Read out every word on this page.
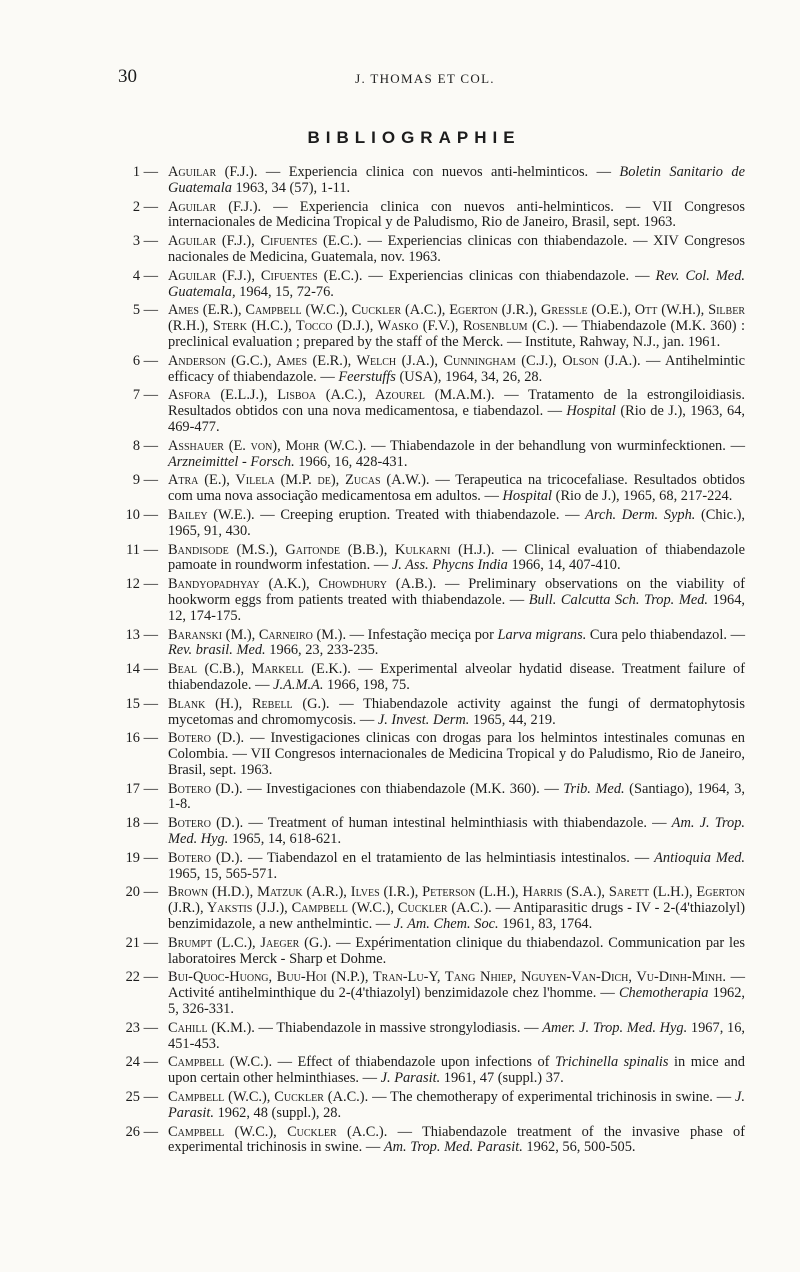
30	J. THOMAS ET COL.
BIBLIOGRAPHIE
1 — Aguilar (F.J.). — Experiencia clinica con nuevos anti-helminticos. — Boletin Sanitario de Guatemala 1963, 34 (57), 1-11.
2 — Aguilar (F.J.). — Experiencia clinica con nuevos anti-helminticos. — VII Congresos internacionales de Medicina Tropical y de Paludismo, Rio de Janeiro, Brasil, sept. 1963.
3 — Aguilar (F.J.), Cifuentes (E.C.). — Experiencias clinicas con thiabendazole. — XIV Congresos nacionales de Medicina, Guatemala, nov. 1963.
4 — Aguilar (F.J.), Cifuentes (E.C.). — Experiencias clinicas con thiabendazole. — Rev. Col. Med. Guatemala, 1964, 15, 72-76.
5 — Ames (E.R.), Campbell (W.C.), Cuckler (A.C.), Egerton (J.R.), Gressle (O.E.), Ott (W.H.), Silber (R.H.), Sterk (H.C.), Tocco (D.J.), Wasko (F.V.), Rosenblum (C.). — Thiabendazole (M.K. 360) : preclinical evaluation ; prepared by the staff of the Merck. — Institute, Rahway, N.J., jan. 1961.
6 — Anderson (G.C.), Ames (E.R.), Welch (J.A.), Cunningham (C.J.), Olson (J.A.). — Antihelmintic efficacy of thiabendazole. — Feerstuffs (USA), 1964, 34, 26, 28.
7 — Asfora (E.L.J.), Lisboa (A.C.), Azourel (M.A.M.). — Tratamento de la estrongiloidiasis. Resultados obtidos con una nova medicamentosa, e tiabendazol. — Hospital (Rio de J.), 1963, 64, 469-477.
8 — Asshauer (E. von), Mohr (W.C.). — Thiabendazole in der behandlung von wurminfecktionen. — Arzneimittel - Forsch. 1966, 16, 428-431.
9 — Atra (E.), Vilela (M.P. de), Zucas (A.W.). — Terapeutica na tricocefaliase. Resultados obtidos com uma nova associação medicamentosa em adultos. — Hospital (Rio de J.), 1965, 68, 217-224.
10 — Bailey (W.E.). — Creeping eruption. Treated with thiabendazole. — Arch. Derm. Syph. (Chic.), 1965, 91, 430.
11 — Bandisode (M.S.), Gaitonde (B.B.), Kulkarni (H.J.). — Clinical evaluation of thiabendazole pamoate in roundworm infestation. — J. Ass. Phycns India 1966, 14, 407-410.
12 — Bandyopadhyay (A.K.), Chowdhury (A.B.). — Preliminary observations on the viability of hookworm eggs from patients treated with thiabendazole. — Bull. Calcutta Sch. Trop. Med. 1964, 12, 174-175.
13 — Baranski (M.), Carneiro (M.). — Infestação meciça por Larva migrans. Cura pelo thiabendazol. — Rev. brasil. Med. 1966, 23, 233-235.
14 — Beal (C.B.), Markell (E.K.). — Experimental alveolar hydatid disease. Treatment failure of thiabendazole. — J.A.M.A. 1966, 198, 75.
15 — Blank (H.), Rebell (G.). — Thiabendazole activity against the fungi of dermatophytosis mycetomas and chromomycosis. — J. Invest. Derm. 1965, 44, 219.
16 — Botero (D.). — Investigaciones clinicas con drogas para los helmintos intestinales comunas en Colombia. — VII Congresos internacionales de Medicina Tropical y do Paludismo, Rio de Janeiro, Brasil, sept. 1963.
17 — Botero (D.). — Investigaciones con thiabendazole (M.K. 360). — Trib. Med. (Santiago), 1964, 3, 1-8.
18 — Botero (D.). — Treatment of human intestinal helminthiasis with thiabendazole. — Am. J. Trop. Med. Hyg. 1965, 14, 618-621.
19 — Botero (D.). — Tiabendazol en el tratamiento de las helmintiasis intestinalos. — Antioquia Med. 1965, 15, 565-571.
20 — Brown (H.D.), Matzuk (A.R.), Ilves (I.R.), Peterson (L.H.), Harris (S.A.), Sarett (L.H.), Egerton (J.R.), Yakstis (J.J.), Campbell (W.C.), Cuckler (A.C.). — Antiparasitic drugs - IV - 2-(4'thiazolyl) benzimidazole, a new anthelmintic. — J. Am. Chem. Soc. 1961, 83, 1764.
21 — Brumpt (L.C.), Jaeger (G.). — Expérimentation clinique du thiabendazol. Communication par les laboratoires Merck - Sharp et Dohme.
22 — Bui-Quoc-Huong, Buu-Hoi (N.P.), Tran-Lu-Y, Tang Nhiep, Nguyen-Van-Dich, Vu-Dinh-Minh. — Activité antihelminthique du 2-(4'thiazolyl) benzimidazole chez l'homme. — Chemotherapia 1962, 5, 326-331.
23 — Cahill (K.M.). — Thiabendazole in massive strongylodiasis. — Amer. J. Trop. Med. Hyg. 1967, 16, 451-453.
24 — Campbell (W.C.). — Effect of thiabendazole upon infections of Trichinella spinalis in mice and upon certain other helminthiases. — J. Parasit. 1961, 47 (suppl.) 37.
25 — Campbell (W.C.), Cuckler (A.C.). — The chemotherapy of experimental trichinosis in swine. — J. Parasit. 1962, 48 (suppl.), 28.
26 — Campbell (W.C.), Cuckler (A.C.). — Thiabendazole treatment of the invasive phase of experimental trichinosis in swine. — Am. Trop. Med. Parasit. 1962, 56, 500-505.
